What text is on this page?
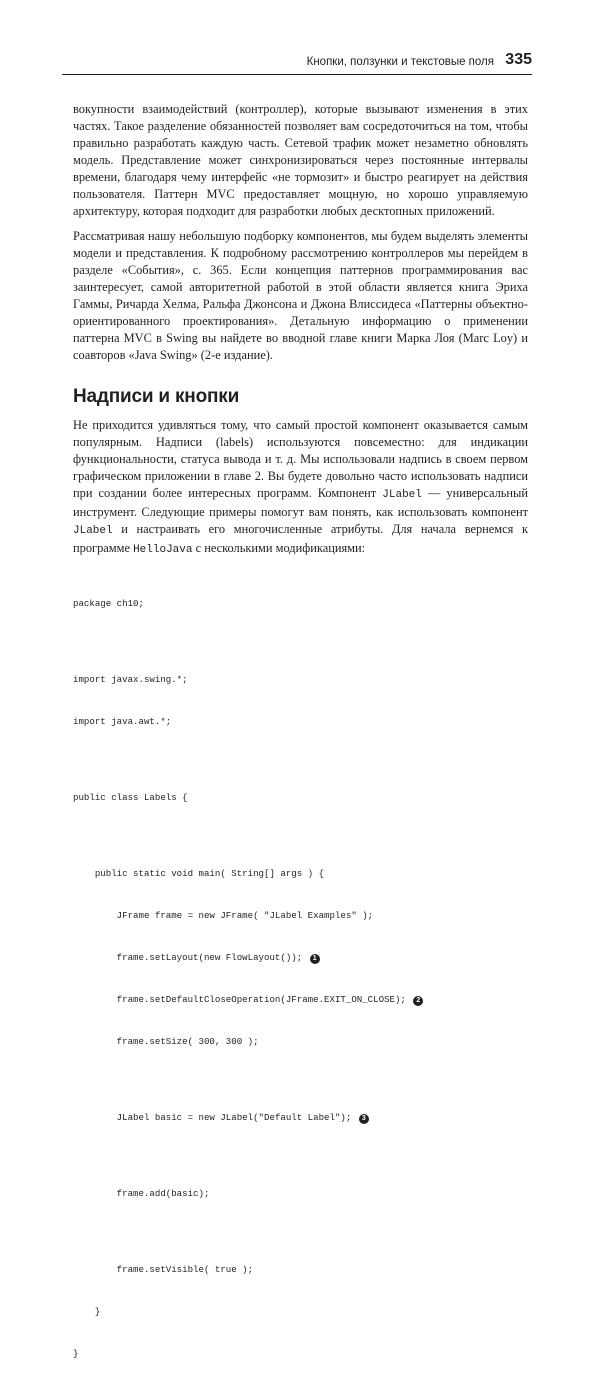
Кнопки, ползунки и текстовые поля 335

вокупности взаимодействий (контроллер), которые вызывают изменения в этих частях. Такое разделение обязанностей позволяет вам сосредоточиться на том, чтобы правильно разработать каждую часть. Сетевой трафик может незаметно обновлять модель. Представление может синхронизироваться через постоянные интервалы времени, благодаря чему интерфейс «не тормозит» и быстро реагирует на действия пользователя. Паттерн MVC предоставляет мощную, но хорошо управляемую архитектуру, которая подходит для разработки любых десктопных приложений.

Рассматривая нашу небольшую подборку компонентов, мы будем выделять элементы модели и представления. К подробному рассмотрению контроллеров мы перейдем в разделе «События», с. 365. Если концепция паттернов программирования вас заинтересует, самой авторитетной работой в этой области является книга Эриха Гаммы, Ричарда Хелма, Ральфа Джонсона и Джона Влиссидеса «Паттерны объектно-ориентированного проектирования». Детальную информацию о применении паттерна MVC в Swing вы найдете во вводной главе книги Марка Лоя (Marc Loy) и соавторов «Java Swing» (2-е издание).

Надписи и кнопки

Не приходится удивляться тому, что самый простой компонент оказывается самым популярным. Надписи (labels) используются повсеместно: для индикации функциональности, статуса вывода и т. д. Мы использовали надпись в своем первом графическом приложении в главе 2. Вы будете довольно часто использовать надписи при создании более интересных программ. Компонент JLabel — универсальный инструмент. Следующие примеры помогут вам понять, как использовать компонент JLabel и настраивать его многочисленные атрибуты. Для начала вернемся к программе HelloJava с несколькими модификациями:

package ch10;

import javax.swing.*;

import java.awt.*;

public class Labels {

public static void main( String[] args ) {

JFrame frame = new JFrame( "JLabel Examples" );

frame.setLayout(new FlowLayout()); 1

frame.setDefaultCloseOperation(JFrame.EXIT_ON_CLOSE); 2

frame.setSize( 300, 300 );

JLabel basic = new JLabel("Default Label"); 3

frame.add(basic);

frame.setVisible( true );

}

}
